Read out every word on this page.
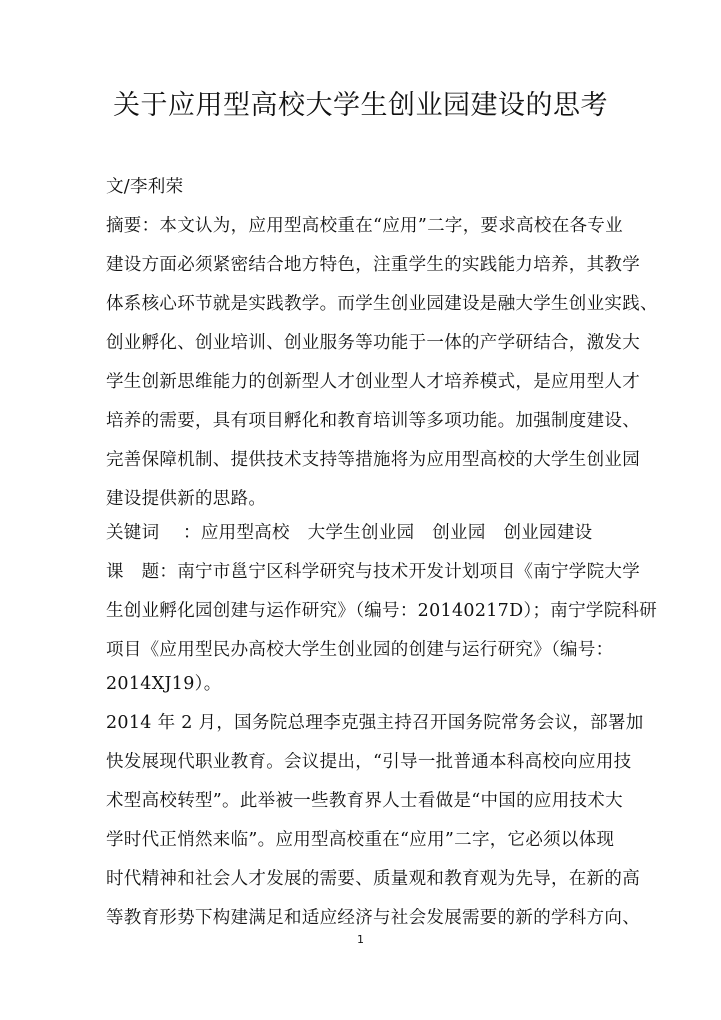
关于应用型高校大学生创业园建设的思考
文/李利荣
摘要：本文认为，应用型高校重在“应用”二字，要求高校在各专业
建设方面必须紧密结合地方特色，注重学生的实践能力培养，其教学
体系核心环节就是实践教学。而学生创业园建设是融大学生创业实践、
创业孵化、创业培训、创业服务等功能于一体的产学研结合，激发大
学生创新思维能力的创新型人才创业型人才培养模式，是应用型人才
培养的需要，具有项目孵化和教育培训等多项功能。加强制度建设、
完善保障机制、提供技术支持等措施将为应用型高校的大学生创业园
建设提供新的思路。
关键词　 ：应用型高校　大学生创业园　创业园　创业园建设
课　题：南宁市邕宁区科学研究与技术开发计划项目《南宁学院大学
生创业孵化园创建与运作研究》（编号：20140217D）；南宁学院科研
项目《应用型民办高校大学生创业园的创建与运行研究》（编号：
2014XJ19）。
2014 年 2 月，国务院总理李克强主持召开国务院常务会议，部署加
快发展现代职业教育。会议提出，“引导一批普通本科高校向应用技
术型高校转型”。此举被一些教育界人士看做是“中国的应用技术大
学时代正悄然来临”。应用型高校重在“应用”二字，它必须以体现
时代精神和社会人才发展的需要、质量观和教育观为先导，在新的高
等教育形势下构建满足和适应经济与社会发展需要的新的学科方向、
1
